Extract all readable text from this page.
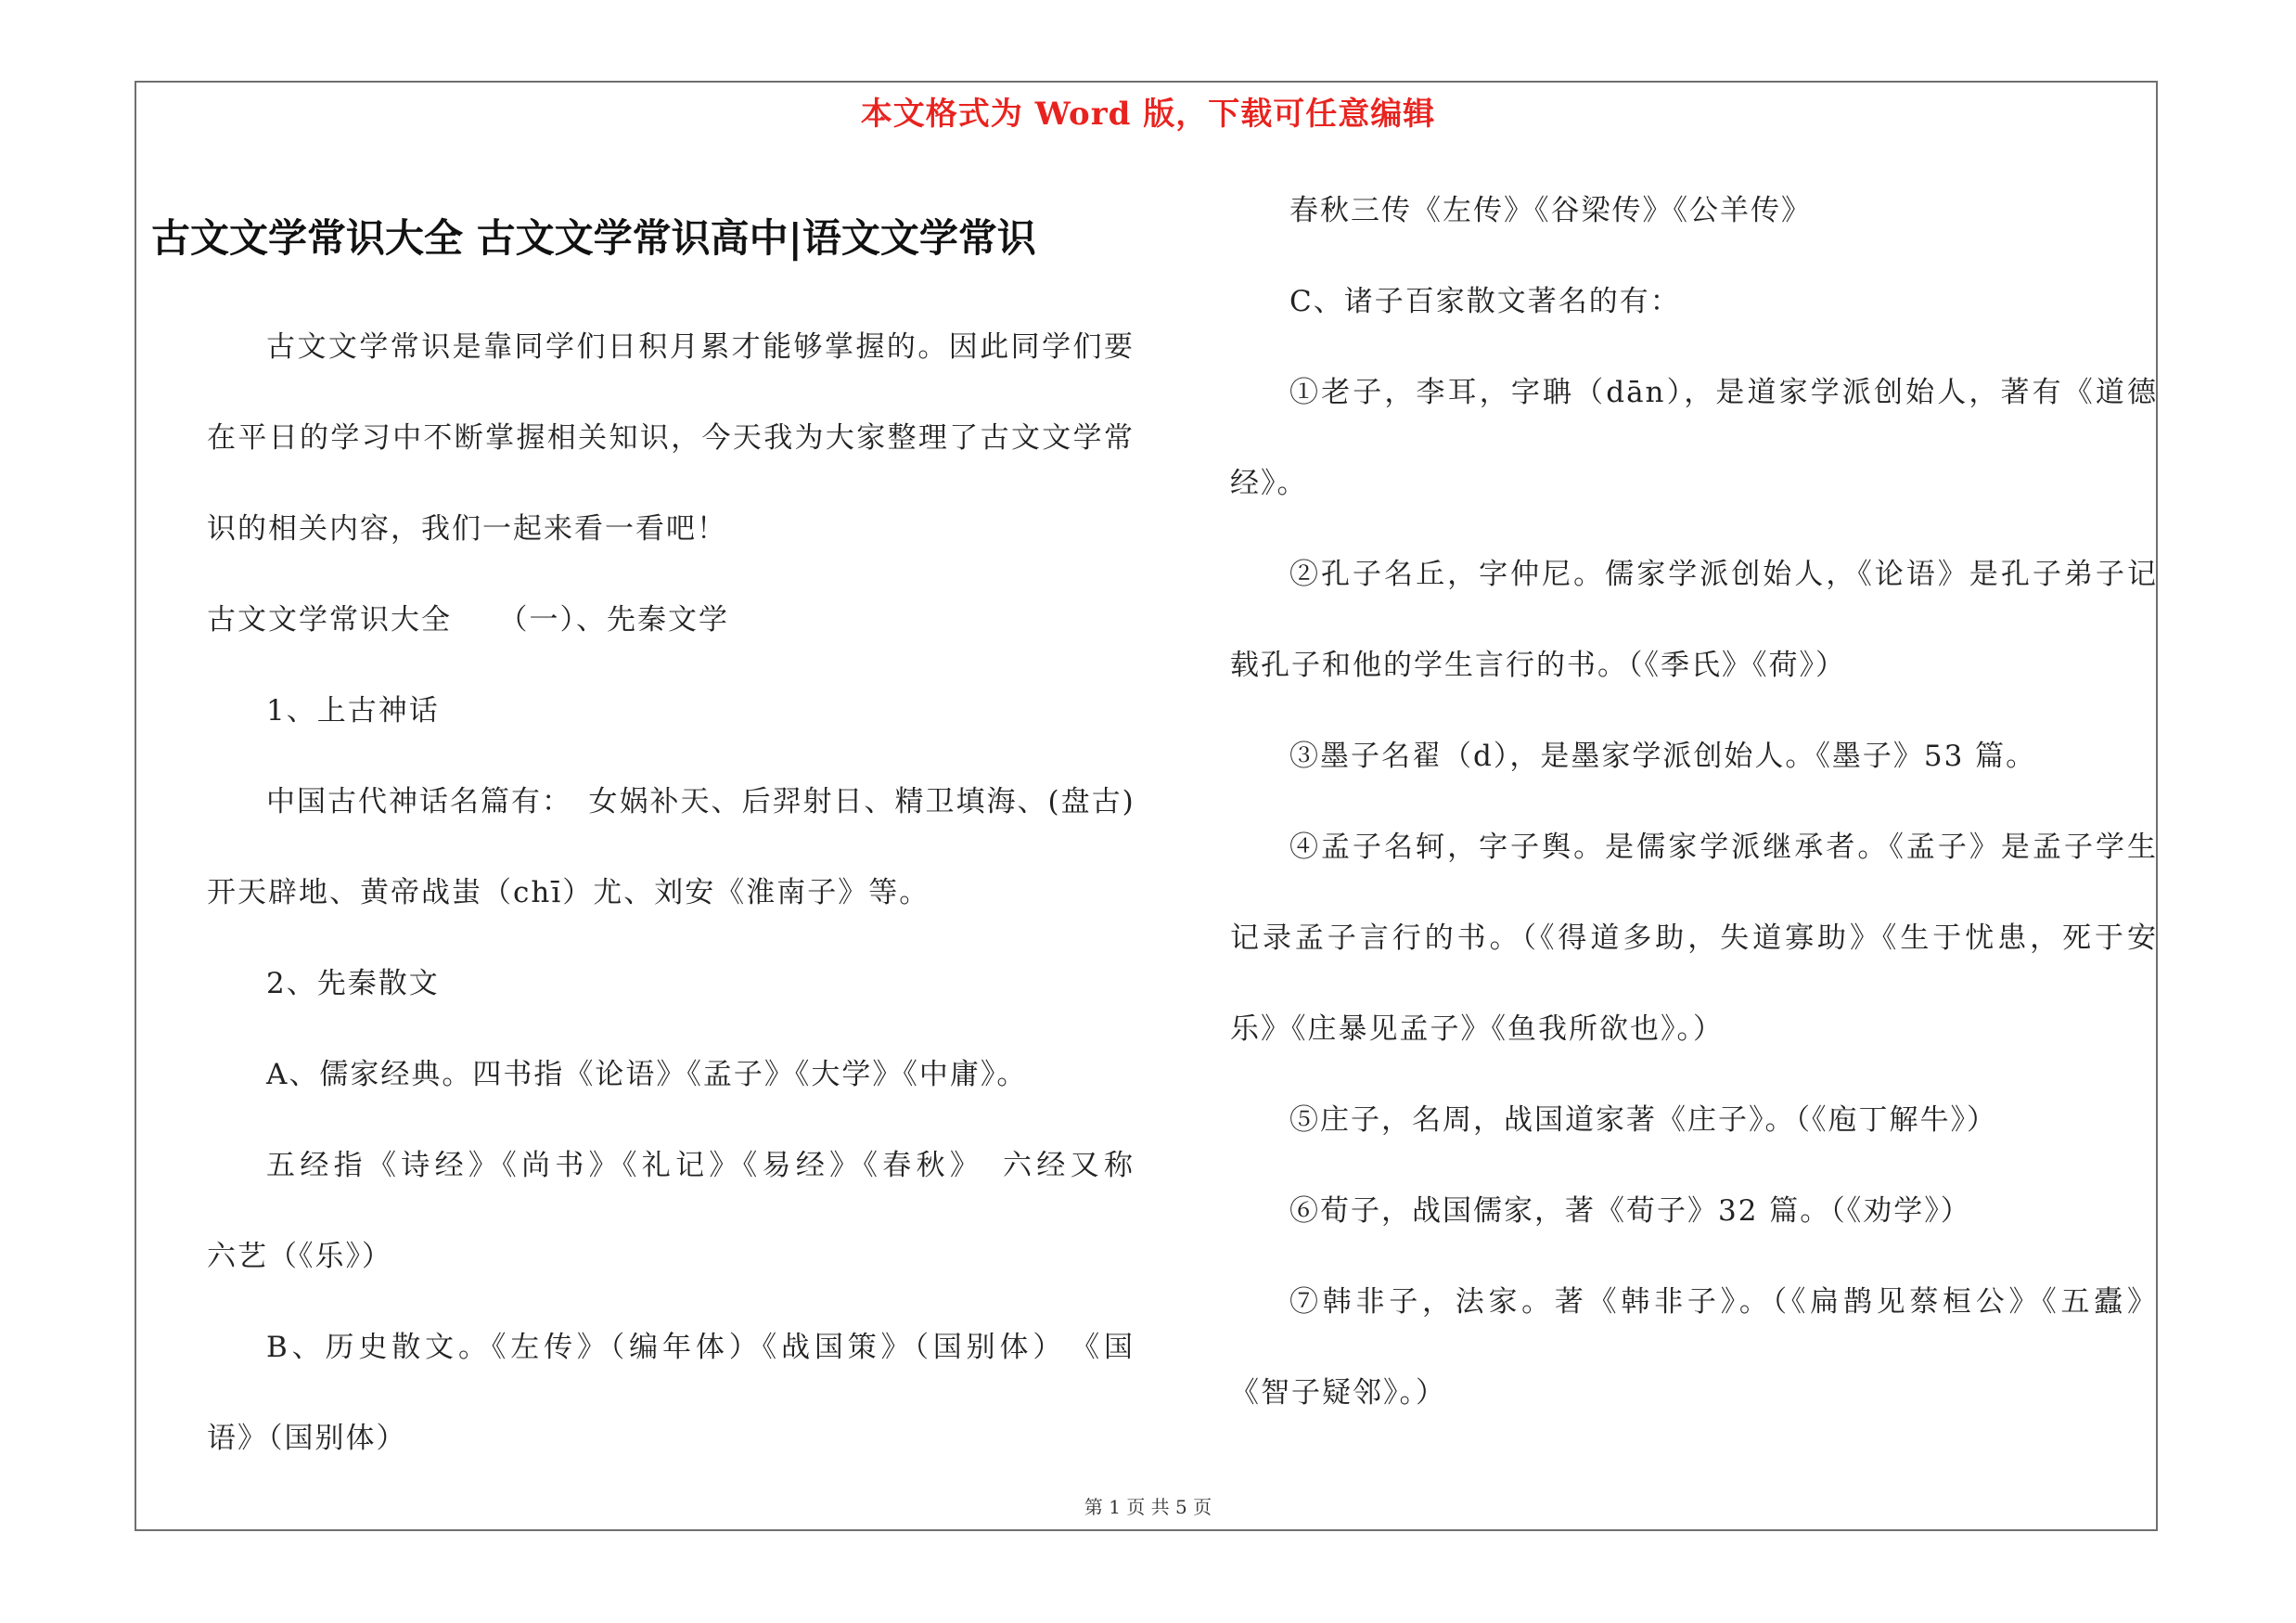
本文格式为 Word 版，下载可任意编辑
古文文学常识大全 古文文学常识高中|语文文学常识

古文文学常识是靠同学们日积月累才能够掌握的。因此同学们要

在平日的学习中不断掌握相关知识，今天我为大家整理了古文文学常

识的相关内容，我们一起来看一看吧！

古文文学常识大全　　（一）、先秦文学

1、上古神话

中国古代神话名篇有：　女娲补天、后羿射日、精卫填海、(盘古)

开天辟地、黄帝战蚩（chī）尤、刘安《淮南子》等。

2、先秦散文

A、儒家经典。四书指《论语》《孟子》《大学》《中庸》。

五经指《诗经》《尚书》《礼记》《易经》《春秋》　六经又称

六艺（《乐》）

B、历史散文。《左传》（编年体）《战国策》（国别体）　《国

语》（国别体）

春秋三传《左传》《谷梁传》《公羊传》

C、诸子百家散文著名的有：

①老子，李耳，字聃（dān），是道家学派创始人，著有《道德

经》。

②孔子名丘，字仲尼。儒家学派创始人，《论语》是孔子弟子记

载孔子和他的学生言行的书。（《季氏》《荷》）

③墨子名翟（d），是墨家学派创始人。《墨子》53 篇。

④孟子名轲，字子舆。是儒家学派继承者。《孟子》是孟子学生

记录孟子言行的书。（《得道多助，失道寡助》《生于忧患，死于安

乐》《庄暴见孟子》《鱼我所欲也》。）

⑤庄子，名周，战国道家著《庄子》。（《庖丁解牛》）

⑥荀子，战国儒家，著《荀子》32 篇。（《劝学》）

⑦韩非子，法家。著《韩非子》。（《扁鹊见蔡桓公》《五蠹》

《智子疑邻》。）

第 1 页 共 5 页
